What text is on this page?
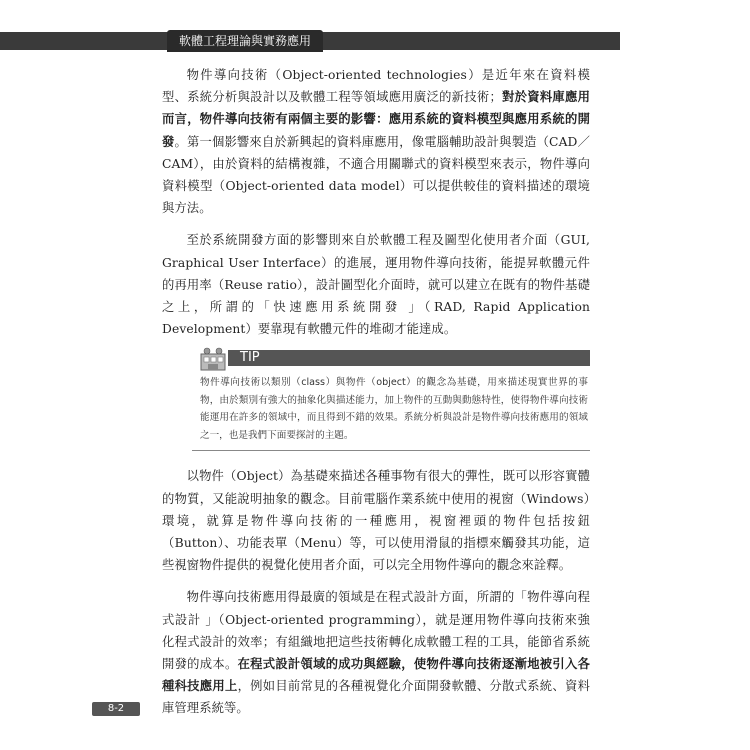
軟體工程理論與實務應用

物件導向技術（Object-oriented technologies）是近年來在資料模型、系統分析與設計以及軟體工程等領域應用廣泛的新技術；對於資料庫應用而言，物件導向技術有兩個主要的影響：應用系統的資料模型與應用系統的開發。第一個影響來自於新興起的資料庫應用，像電腦輔助設計與製造（CAD／CAM），由於資料的結構複雜，不適合用關聯式的資料模型來表示，物件導向資料模型（Object-oriented data model）可以提供較佳的資料描述的環境與方法。

至於系統開發方面的影響則來自於軟體工程及圖型化使用者介面（GUI, Graphical User Interface）的進展，運用物件導向技術，能提昇軟體元件的再用率（Reuse ratio），設計圖型化介面時，就可以建立在既有的物件基礎之上，所謂的「快速應用系統開發 」（RAD, Rapid Application Development）要靠現有軟體元件的堆砌才能達成。

TIP
物件導向技術以類別（class）與物件（object）的觀念為基礎，用來描述現實世界的事物，由於類別有強大的抽象化與描述能力，加上物件的互動與動態特性，使得物件導向技術能運用在許多的領域中，而且得到不錯的效果。系統分析與設計是物件導向技術應用的領域之一，也是我們下面要探討的主題。

以物件（Object）為基礎來描述各種事物有很大的彈性，既可以形容實體的物質，又能說明抽象的觀念。目前電腦作業系統中使用的視窗（Windows）環境，就算是物件導向技術的一種應用，視窗裡頭的物件包括按鈕（Button）、功能表單（Menu）等，可以使用滑鼠的指標來觸發其功能，這些視窗物件提供的視覺化使用者介面，可以完全用物件導向的觀念來詮釋。

物件導向技術應用得最廣的領域是在程式設計方面，所謂的「物件導向程式設計 」（Object-oriented programming），就是運用物件導向技術來強化程式設計的效率；有組織地把這些技術轉化成軟體工程的工具，能節省系統開發的成本。在程式設計領域的成功與經驗，使物件導向技術逐漸地被引入各種科技應用上，例如目前常見的各種視覺化介面開發軟體、分散式系統、資料庫管理系統等。

8-2
